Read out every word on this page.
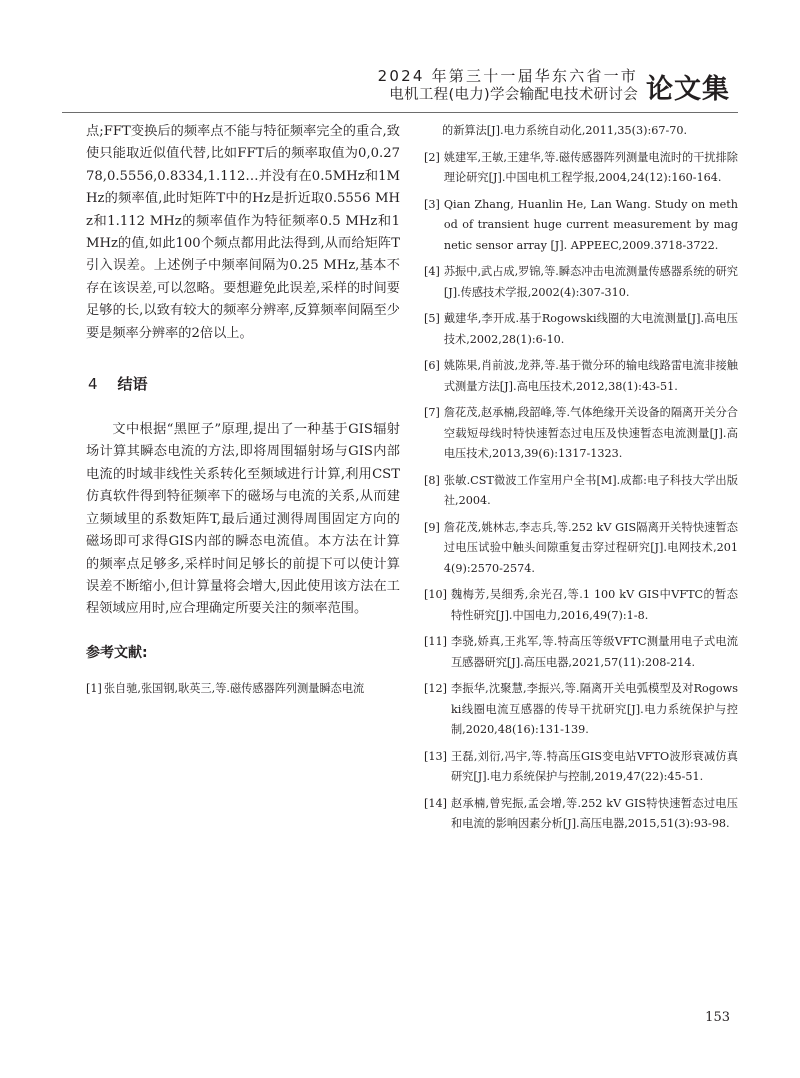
2024 年第三十一届华东六省一市
电机工程(电力)学会输配电技术研讨会 论文集

点;FFT变换后的频率点不能与特征频率完全的重合,致使只能取近似值代替,比如FFT后的频率取值为0,0.2778,0.5556,0.8334,1.112…并没有在0.5MHz和1MHz的频率值,此时矩阵T中的Hz是折近取0.5556 MHz和1.112 MHz的频率值作为特征频率0.5 MHz和1 MHz的值,如此100个频点都用此法得到,从而给矩阵T引入误差。上述例子中频率间隔为0.25 MHz,基本不存在该误差,可以忽略。要想避免此误差,采样的时间要足够的长,以致有较大的频率分辨率,反算频率间隔至少要是频率分辨率的2倍以上。

4 结语

文中根据“黑匣子”原理,提出了一种基于GIS辐射场计算其瞬态电流的方法,即将周围辐射场与GIS内部电流的时域非线性关系转化至频域进行计算,利用CST仿真软件得到特征频率下的磁场与电流的关系,从而建立频域里的系数矩阵T,最后通过测得周围固定方向的磁场即可求得GIS内部的瞬态电流值。本方法在计算的频率点足够多,采样时间足够长的前提下可以使计算误差不断缩小,但计算量将会增大,因此使用该方法在工程领域应用时,应合理确定所要关注的频率范围。

参考文献:
[1] 张自驰,张国钢,耿英三,等.磁传感器阵列测量瞬态电流

的新算法[J].电力系统自动化,2011,35(3):67-70.

[2] 姚建军,王敏,王建华,等.磁传感器阵列测量电流时的干扰排除理论研究[J].中国电机工程学报,2004,24(12):160-164.
[3] Qian Zhang, Huanlin He, Lan Wang. Study on method of transient huge current measurement by magnetic sensor array [J]. APPEEC,2009.3718-3722.
[4] 苏振中,武占成,罗锦,等.瞬态冲击电流测量传感器系统的研究[J].传感技术学报,2002(4):307-310.
[5] 戴建华,李开成.基于Rogowski线圈的大电流测量[J].高电压技术,2002,28(1):6-10.
[6] 姚陈果,肖前波,龙莽,等.基于微分环的输电线路雷电流非接触式测量方法[J].高电压技术,2012,38(1):43-51.
[7] 詹花茂,赵承楠,段韶峰,等.气体绝缘开关设备的隔离开关分合空载短母线时特快速暂态过电压及快速暂态电流测量[J].高电压技术,2013,39(6):1317-1323.
[8] 张敏.CST微波工作室用户全书[M].成都:电子科技大学出版社,2004.
[9] 詹花茂,姚林志,李志兵,等.252 kV GIS隔离开关特快速暂态过电压试验中触头间隙重复击穿过程研究[J].电网技术,2014(9):2570-2574.
[10] 魏梅芳,吴细秀,余光召,等.1 100 kV GIS中VFTC的暂态特性研究[J].中国电力,2016,49(7):1-8.
[11] 李骁,娇真,王兆军,等.特高压等级VFTC测量用电子式电流互感器研究[J].高压电器,2021,57(11):208-214.
[12] 李振华,沈聚慧,李振兴,等.隔离开关电弧模型及对Rogowski线圈电流互感器的传导干扰研究[J].电力系统保护与控制,2020,48(16):131-139.
[13] 王磊,刘衍,冯宇,等.特高压GIS变电站VFTO波形衰减仿真研究[J].电力系统保护与控制,2019,47(22):45-51.
[14] 赵承楠,曾宪振,孟会增,等.252 kV GIS特快速暂态过电压和电流的影响因素分析[J].高压电器,2015,51(3):93-98.
153
